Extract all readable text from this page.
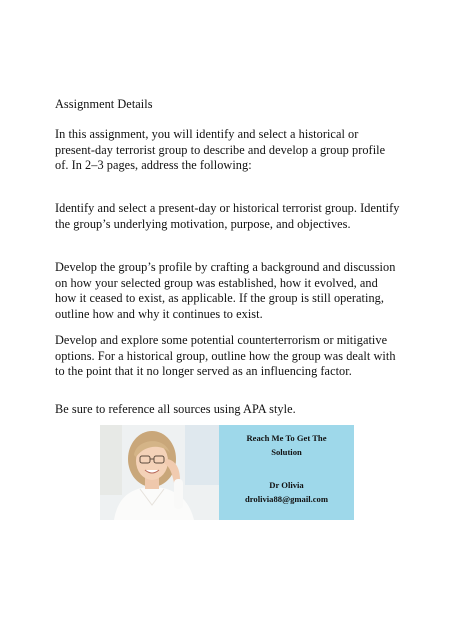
Assignment Details

In this assignment, you will identify and select a historical or present-day terrorist group to describe and develop a group profile of. In 2–3 pages, address the following:

Identify and select a present-day or historical terrorist group. Identify the group’s underlying motivation, purpose, and objectives.

Develop the group’s profile by crafting a background and discussion on how your selected group was established, how it evolved, and how it ceased to exist, as applicable. If the group is still operating, outline how and why it continues to exist.

Develop and explore some potential counterterrorism or mitigative options. For a historical group, outline how the group was dealt with to the point that it no longer served as an influencing factor.

Be sure to reference all sources using APA style.

Reach Me To Get The
Solution
Dr Olivia
drolivia88@gmail.com
